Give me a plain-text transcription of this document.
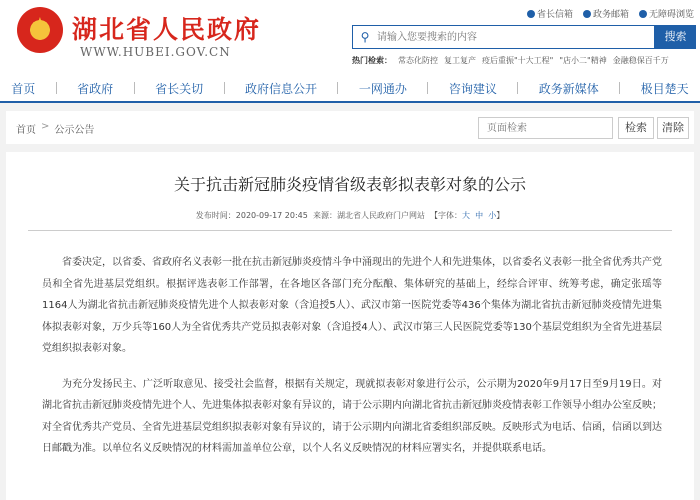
★ 湖北省人民政府
WWW.HUBEI.GOV.CN
省长信箱 政务邮箱 无障碍浏览
⚲
请输入您要搜索的内容	搜索
热门检索： 常态化防控 复工复产 疫后重振"十大工程" "店小二"精神 金融稳保百千万
首页	省政府	省长关切	政府信息公开	一网通办	咨询建议	政务新媒体	极目楚天
首页 > 公示公告
页面检索	检索	清除
关于抗击新冠肺炎疫情省级表彰拟表彰对象的公示
发布时间：2020-09-17 20:45 来源：湖北省人民政府门户网站 【字体：大 中 小】

省委决定，以省委、省政府名义表彰一批在抗击新冠肺炎疫情斗争中涌现出的先进个人和先进集体，以省委名义表彰一批全省优秀共产党员和全省先进基层党组织。根据评选表彰工作部署，在各地区各部门充分酝酿、集体研究的基础上，经综合评审、统筹考虑，确定张瑶等1164人为湖北省抗击新冠肺炎疫情先进个人拟表彰对象（含追授5人）、武汉市第一医院党委等436个集体为湖北省抗击新冠肺炎疫情先进集体拟表彰对象，万少兵等160人为全省优秀共产党员拟表彰对象（含追授4人）、武汉市第三人民医院党委等130个基层党组织为全省先进基层党组织拟表彰对象。

为充分发扬民主、广泛听取意见、接受社会监督，根据有关规定，现就拟表彰对象进行公示，公示期为2020年9月17日至9月19日。对湖北省抗击新冠肺炎疫情先进个人、先进集体拟表彰对象有异议的，请于公示期内向湖北省抗击新冠肺炎疫情表彰工作领导小组办公室反映；对全省优秀共产党员、全省先进基层党组织拟表彰对象有异议的，请于公示期内向湖北省委组织部反映。反映形式为电话、信函，信函以到达日邮戳为准。以单位名义反映情况的材料需加盖单位公章，以个人名义反映情况的材料应署实名，并提供联系电话。
